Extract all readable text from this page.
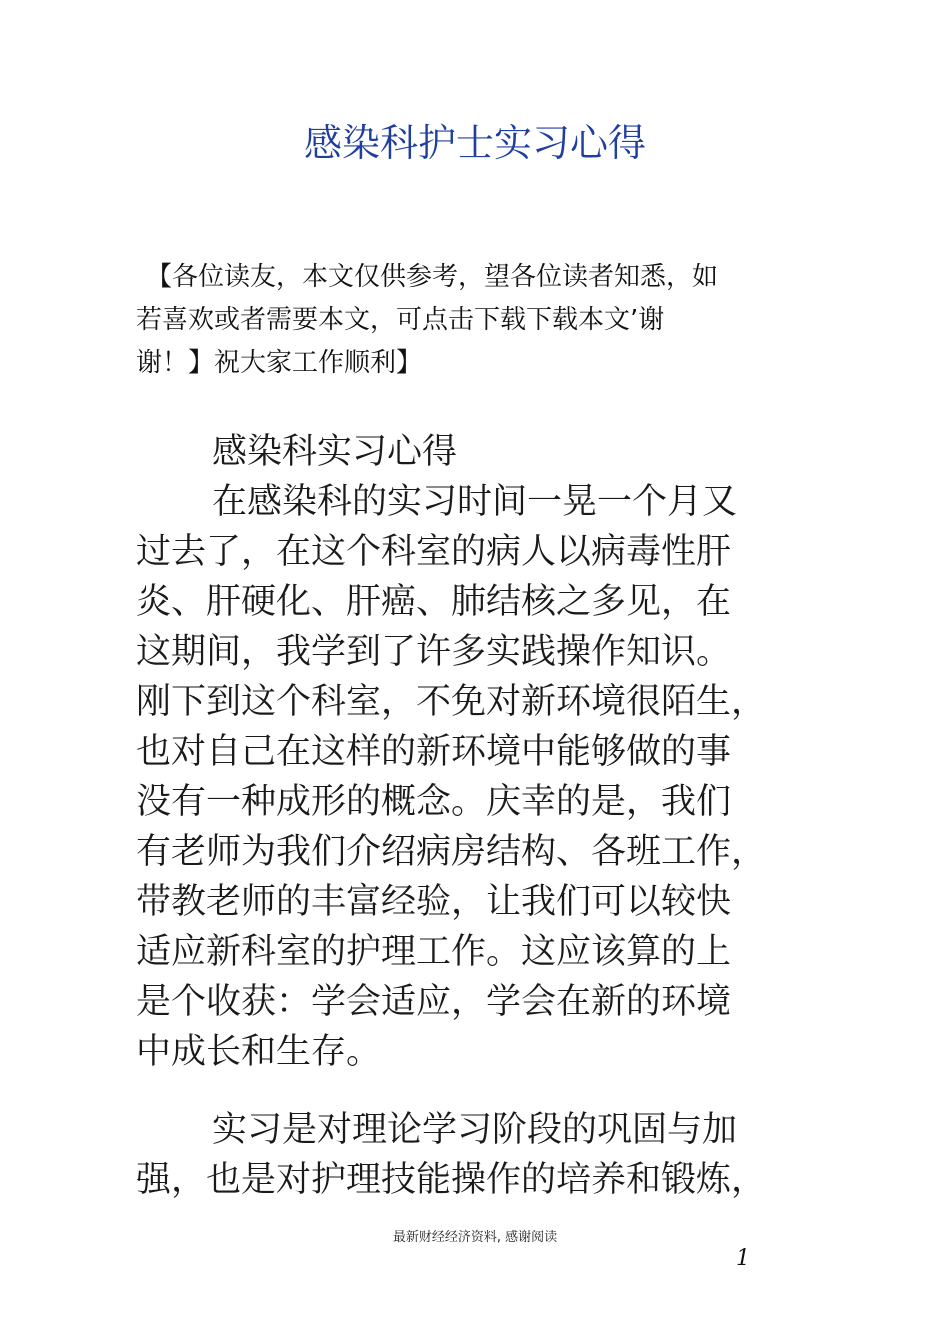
感染科护士实习心得
【各位读友，本文仅供参考，望各位读者知悉，如
若喜欢或者需要本文，可点击下载下载本文’谢
谢！】祝大家工作顺利】
感染科实习心得
在感染科的实习时间一晃一个月又
过去了，在这个科室的病人以病毒性肝
炎、肝硬化、肝癌、肺结核之多见，在
这期间，我学到了许多实践操作知识。
刚下到这个科室，不免对新环境很陌生，
也对自己在这样的新环境中能够做的事
没有一种成形的概念。庆幸的是，我们
有老师为我们介绍病房结构、各班工作，
带教老师的丰富经验，让我们可以较快
适应新科室的护理工作。这应该算的上
是个收获：学会适应，学会在新的环境
中成长和生存。
实习是对理论学习阶段的巩固与加
强，也是对护理技能操作的培养和锻炼，
最新财经经济资料, 感谢阅读
1
